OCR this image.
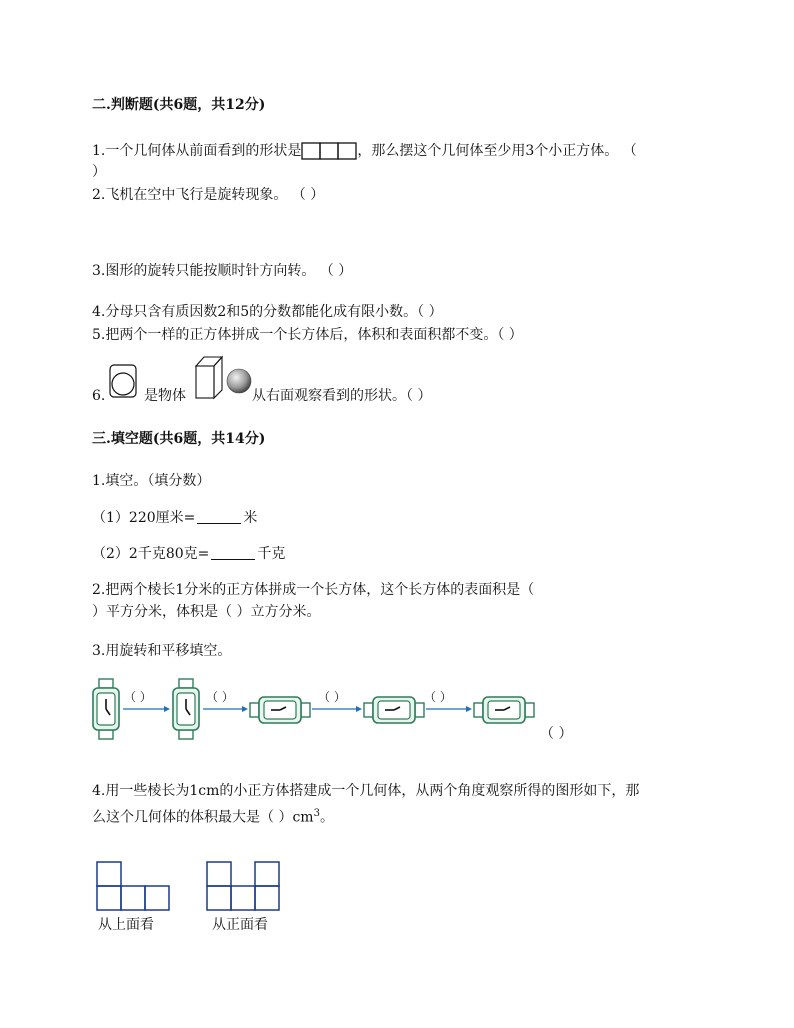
二.判断题(共6题，共12分)
1.一个几何体从前面看到的形状是	，那么摆这个几何体至少用3个小正方体。 （
）
2.飞机在空中飞行是旋转现象。 （ ）
3.图形的旋转只能按顺时针方向转。 （ ）
4.分母只含有质因数2和5的分数都能化成有限小数。（ ）
5.把两个一样的正方体拼成一个长方体后，体积和表面积都不变。（ ）
6.	是物体	从右面观察看到的形状。（ ）
三.填空题(共6题，共14分)
1.填空。（填分数）
（1）220厘米=	米
（2）2千克80克=	千克
2.把两个棱长1分米的正方体拼成一个长方体，这个长方体的表面积是（
）平方分米，体积是（ ）立方分米。
3.用旋转和平移填空。
（ ）	（ ）	（ ）	（ ）
（ ）
4.用一些棱长为1cm的小正方体搭建成一个几何体，从两个角度观察所得的图形如下，那
么这个几何体的体积最大是（ ）$cm^3$。
从上面看	从正面看
